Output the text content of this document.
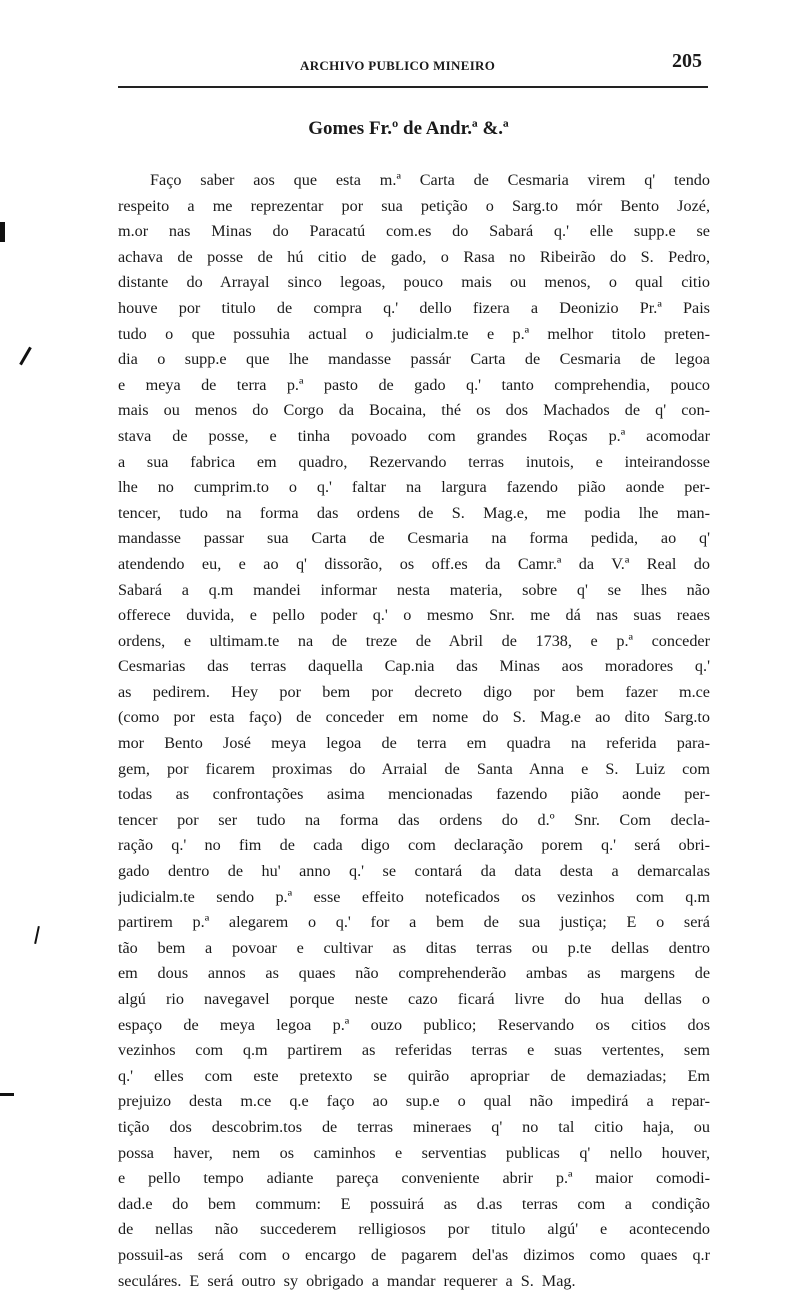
ARCHIVO PUBLICO MINEIRO	205
Gomes Fr.º de Andr.ª &.ª
Faço saber aos que esta m.ª Carta de Cesmaria virem q' tendo
respeito a me reprezentar por sua petição o Sarg.to mór Bento Jozé,
m.or nas Minas do Paracatú com.es do Sabará q.' elle supp.e se
achava de posse de hú citio de gado, o Rasa no Ribeirão do S. Pedro,
distante do Arrayal sinco legoas, pouco mais ou menos, o qual citio
houve por titulo de compra q.' dello fizera a Deonizio Pr.ª Pais
tudo o que possuhia actual o judicialm.te e p.ª melhor titolo preten-
dia o supp.e que lhe mandasse passár Carta de Cesmaria de legoa
e meya de terra p.ª pasto de gado q.' tanto comprehendia, pouco
mais ou menos do Corgo da Bocaina, thé os dos Machados de q' con-
stava de posse, e tinha povoado com grandes Roças p.ª acomodar
a sua fabrica em quadro, Rezervando terras inutois, e inteirandosse
lhe no cumprim.to o q.' faltar na largura fazendo pião aonde per-
tencer, tudo na forma das ordens de S. Mag.e, me podia lhe man-
mandasse passar sua Carta de Cesmaria na forma pedida, ao q'
atendendo eu, e ao q' dissorão, os off.es da Camr.ª da V.ª Real do
Sabará a q.m mandei informar nesta materia, sobre q' se lhes não
offerece duvida, e pello poder q.' o mesmo Snr. me dá nas suas reaes
ordens, e ultimam.te na de treze de Abril de 1738, e p.ª conceder
Cesmarias das terras daquella Cap.nia das Minas aos moradores q.'
as pedirem. Hey por bem por decreto digo por bem fazer m.ce
(como por esta faço) de conceder em nome do S. Mag.e ao dito Sarg.to
mor Bento José meya legoa de terra em quadra na referida para-
gem, por ficarem proximas do Arraial de Santa Anna e S. Luiz com
todas as confrontações asima mencionadas fazendo pião aonde per-
tencer por ser tudo na forma das ordens do d.º Snr. Com decla-
ração q.' no fim de cada digo com declaração porem q.' será obri-
gado dentro de hu' anno q.' se contará da data desta a demarcalas
judicialm.te sendo p.ª esse effeito noteficados os vezinhos com q.m
partirem p.ª alegarem o q.' for a bem de sua justiça; E o será
tão bem a povoar e cultivar as ditas terras ou p.te dellas dentro
em dous annos as quaes não comprehenderão ambas as margens de
algú rio navegavel porque neste cazo ficará livre do hua dellas o
espaço de meya legoa p.ª ouzo publico; Reservando os citios dos
vezinhos com q.m partirem as referidas terras e suas vertentes, sem
q.' elles com este pretexto se quirão apropriar de demaziadas; Em
prejuizo desta m.ce q.e faço ao sup.e o qual não impedirá a repar-
tição dos descobrim.tos de terras mineraes q' no tal citio haja, ou
possa haver, nem os caminhos e serventias publicas q' nello houver,
e pello tempo adiante pareça conveniente abrir p.ª maior comodi-
dad.e do bem commum: E possuirá as d.as terras com a condição
de nellas não succederem relligiosos por titulo algú' e acontecendo
possuil-as será com o encargo de pagarem del'as dizimos como quaes q.r
seculáres. E será outro sy obrigado a mandar requerer a S. Mag.
